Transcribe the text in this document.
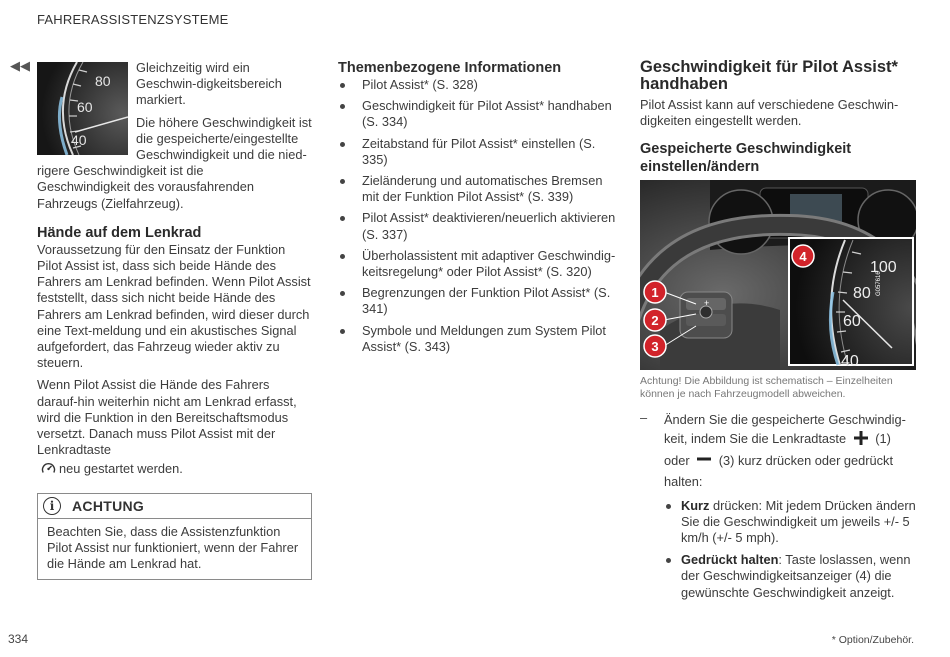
FAHRERASSISTENZSYSTEME
◀◀
80
60
40

Gleichzeitig wird ein Geschwin-digkeitsbereich markiert.

Die höhere Geschwindigkeit ist die gespeicherte/eingestellte Geschwindigkeit und die nied-rigere Geschwindigkeit ist die

Geschwindigkeit des vorausfahrenden Fahrzeugs (Zielfahrzeug).

Hände auf dem Lenkrad

Voraussetzung für den Einsatz der Funktion Pilot Assist ist, dass sich beide Hände des Fahrers am Lenkrad befinden. Wenn Pilot Assist feststellt, dass sich nicht beide Hände des Fahrers am Lenkrad befinden, wird dieser durch eine Text-meldung und ein akustisches Signal aufgefordert, das Fahrzeug wieder aktiv zu steuern.

Wenn Pilot Assist die Hände des Fahrers darauf-hin weiterhin nicht am Lenkrad erfasst, wird die Funktion in den Bereitschaftsmodus versetzt. Danach muss Pilot Assist mit der Lenkradtaste

neu gestartet werden.

i	ACHTUNG

Beachten Sie, dass die Assistenzfunktion Pilot Assist nur funktioniert, wenn der Fahrer die Hände am Lenkrad hat.

Themenbezogene Informationen
Pilot Assist* (S. 328)
Geschwindigkeit für Pilot Assist* handhaben (S. 334)
Zeitabstand für Pilot Assist* einstellen (S. 335)
Zieländerung und automatisches Bremsen mit der Funktion Pilot Assist* (S. 339)
Pilot Assist* deaktivieren/neuerlich aktivieren (S. 337)
Überholassistent mit adaptiver Geschwindig-keitsregelung* oder Pilot Assist* (S. 320)
Begrenzungen der Funktion Pilot Assist* (S. 341)
Symbole und Meldungen zum System Pilot Assist* (S. 343)
Geschwindigkeit für Pilot Assist* handhaben

Pilot Assist kann auf verschiedene Geschwin-digkeiten eingestellt werden.

Gespeicherte Geschwindigkeit einstellen/ändern
75
+
G057616
100
80
60
40
1
2
3
4

Achtung! Die Abbildung ist schematisch – Einzelheiten können je nach Fahrzeugmodell abweichen.

– Ändern Sie die gespeicherte Geschwindig-
keit, indem Sie die Lenkradtaste (1)
oder (3) kurz drücken oder gedrückt
halten:
Kurz drücken: Mit jedem Drücken ändern Sie die Geschwindigkeit um jeweils +/- 5 km/h (+/- 5 mph).
Gedrückt halten: Taste loslassen, wenn der Geschwindigkeitsanzeiger (4) die gewünschte Geschwindigkeit anzeigt.
334	* Option/Zubehör.
